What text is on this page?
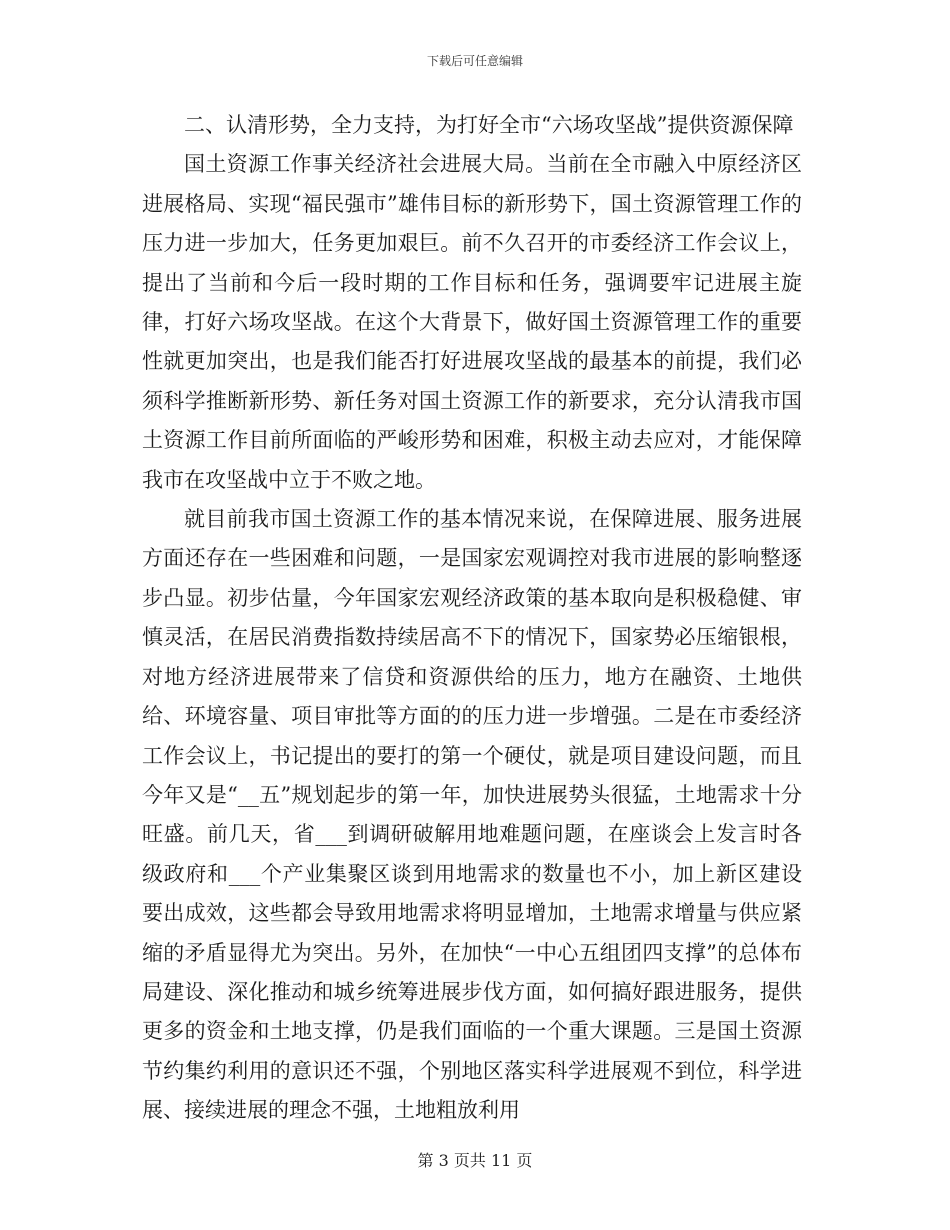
下载后可任意编辑

二、认清形势，全力支持，为打好全市“六场攻坚战”提供资源保障

国土资源工作事关经济社会进展大局。当前在全市融入中原经济区进展格局、实现“福民强市”雄伟目标的新形势下，国土资源管理工作的压力进一步加大，任务更加艰巨。前不久召开的市委经济工作会议上，提出了当前和今后一段时期的工作目标和任务，强调要牢记进展主旋律，打好六场攻坚战。在这个大背景下，做好国土资源管理工作的重要性就更加突出，也是我们能否打好进展攻坚战的最基本的前提，我们必须科学推断新形势、新任务对国土资源工作的新要求，充分认清我市国土资源工作目前所面临的严峻形势和困难，积极主动去应对，才能保障我市在攻坚战中立于不败之地。

就目前我市国土资源工作的基本情况来说，在保障进展、服务进展方面还存在一些困难和问题，一是国家宏观调控对我市进展的影响整逐步凸显。初步估量，今年国家宏观经济政策的基本取向是积极稳健、审慎灵活，在居民消费指数持续居高不下的情况下，国家势必压缩银根，对地方经济进展带来了信贷和资源供给的压力，地方在融资、土地供给、环境容量、项目审批等方面的的压力进一步增强。二是在市委经济工作会议上，书记提出的要打的第一个硬仗，就是项目建设问题，而且今年又是“__五”规划起步的第一年，加快进展势头很猛，土地需求十分旺盛。前几天，省___到调研破解用地难题问题，在座谈会上发言时各级政府和___个产业集聚区谈到用地需求的数量也不小，加上新区建设要出成效，这些都会导致用地需求将明显增加，土地需求增量与供应紧缩的矛盾显得尤为突出。另外，在加快“一中心五组团四支撑”的总体布局建设、深化推动和城乡统筹进展步伐方面，如何搞好跟进服务，提供更多的资金和土地支撑，仍是我们面临的一个重大课题。三是国土资源节约集约利用的意识还不强，个别地区落实科学进展观不到位，科学进展、接续进展的理念不强，土地粗放利用

第 3 页共 11 页
